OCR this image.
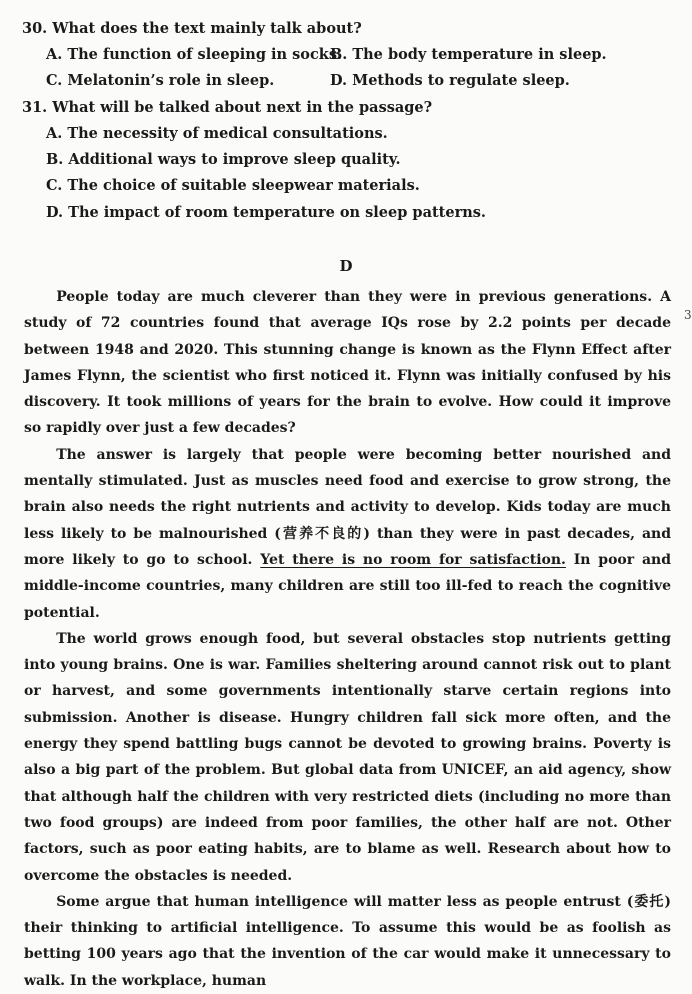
30. What does the text mainly talk about?
A. The function of sleeping in socks.
B. The body temperature in sleep.
C. Melatonin’s role in sleep.	D. Methods to regulate sleep.
31. What will be talked about next in the passage?
A. The necessity of medical consultations.
B. Additional ways to improve sleep quality.
C. The choice of suitable sleepwear materials.
D. The impact of room temperature on sleep patterns.
D
3

People today are much cleverer than they were in previous generations. A study of 72 countries found that average IQs rose by 2.2 points per decade between 1948 and 2020. This stunning change is known as the Flynn Effect after James Flynn, the scientist who first noticed it. Flynn was initially confused by his discovery. It took millions of years for the brain to evolve. How could it improve so rapidly over just a few decades?

The answer is largely that people were becoming better nourished and mentally stimulated. Just as muscles need food and exercise to grow strong, the brain also needs the right nutrients and activity to develop. Kids today are much less likely to be malnourished (营养不良的) than they were in past decades, and more likely to go to school. Yet there is no room for satisfaction. In poor and middle-income countries, many children are still too ill-fed to reach the cognitive potential.

The world grows enough food, but several obstacles stop nutrients getting into young brains. One is war. Families sheltering around cannot risk out to plant or harvest, and some governments intentionally starve certain regions into submission. Another is disease. Hungry children fall sick more often, and the energy they spend battling bugs cannot be devoted to growing brains. Poverty is also a big part of the problem. But global data from UNICEF, an aid agency, show that although half the children with very restricted diets (including no more than two food groups) are indeed from poor families, the other half are not. Other factors, such as poor eating habits, are to blame as well. Research about how to overcome the obstacles is needed.

Some argue that human intelligence will matter less as people entrust (委托) their thinking to artificial intelligence. To assume this would be as foolish as betting 100 years ago that the invention of the car would make it unnecessary to walk. In the workplace, human
